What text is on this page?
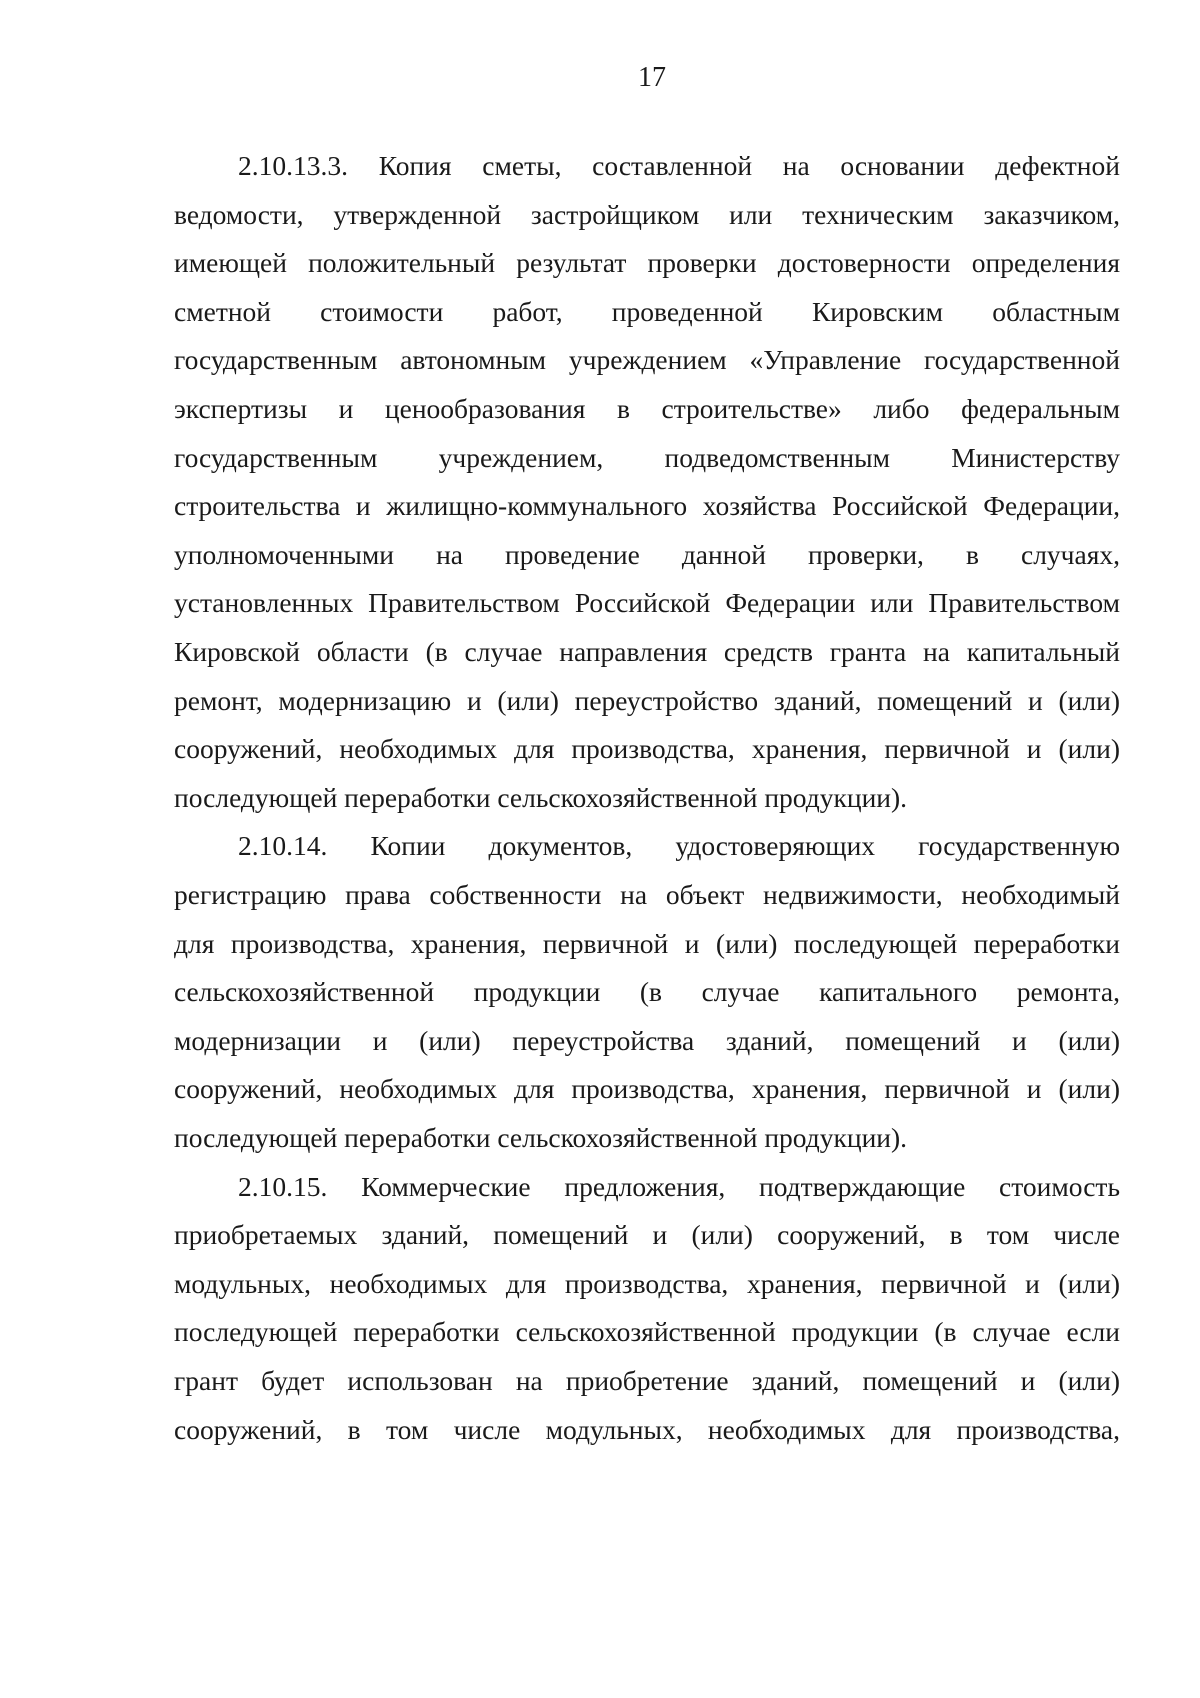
17
2.10.13.3. Копия сметы, составленной на основании дефектной
ведомости, утвержденной застройщиком или техническим заказчиком,
имеющей положительный результат проверки достоверности определения
сметной стоимости работ, проведенной Кировским областным
государственным автономным учреждением «Управление государственной
экспертизы и ценообразования в строительстве» либо федеральным
государственным учреждением, подведомственным Министерству
строительства и жилищно-коммунального хозяйства Российской Федерации,
уполномоченными на проведение данной проверки, в случаях,
установленных Правительством Российской Федерации или Правительством
Кировской области (в случае направления средств гранта на капитальный
ремонт, модернизацию и (или) переустройство зданий, помещений и (или)
сооружений, необходимых для производства, хранения, первичной и (или)
последующей переработки сельскохозяйственной продукции).
2.10.14. Копии документов, удостоверяющих государственную
регистрацию права собственности на объект недвижимости, необходимый
для производства, хранения, первичной и (или) последующей переработки
сельскохозяйственной продукции (в случае капитального ремонта,
модернизации и (или) переустройства зданий, помещений и (или)
сооружений, необходимых для производства, хранения, первичной и (или)
последующей переработки сельскохозяйственной продукции).
2.10.15. Коммерческие предложения, подтверждающие стоимость
приобретаемых зданий, помещений и (или) сооружений, в том числе
модульных, необходимых для производства, хранения, первичной и (или)
последующей переработки сельскохозяйственной продукции (в случае если
грант будет использован на приобретение зданий, помещений и (или)
сооружений, в том числе модульных, необходимых для производства,
